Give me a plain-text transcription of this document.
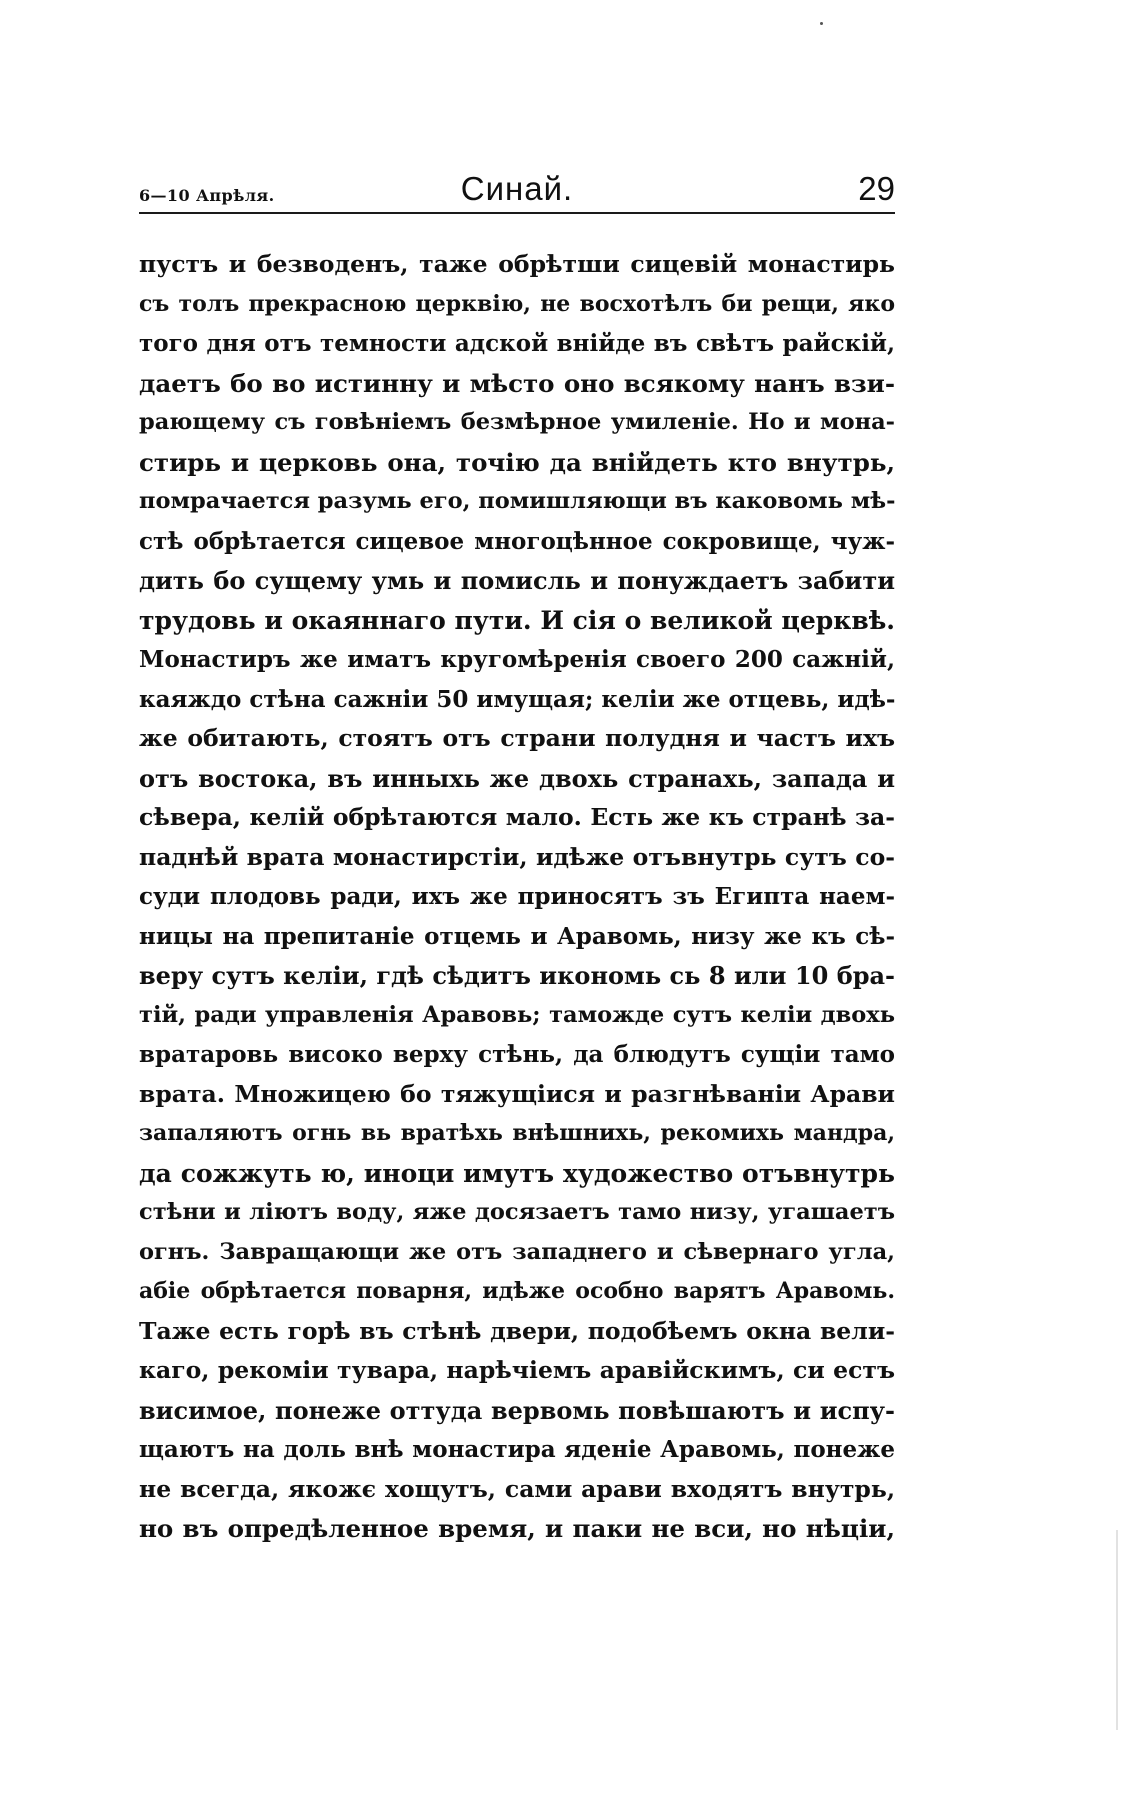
6—10 Апрѣля.	Синай.	29
пустъ и безводенъ, таже обрѣтши сицевій монастирь
съ толъ прекрасною церквію, не восхотѣлъ би рещи, яко
того дня отъ темности адской внійде въ свѣтъ райскій,
даетъ бо во истинну и мѣсто оно всякому нанъ взи-
рающему съ говѣніемъ безмѣрное умиленіе. Но и мона-
стирь и церковь она, точію да внійдеть кто внутрь,
помрачается разумь его, помишляющи въ каковомь мѣ-
стѣ обрѣтается сицевое многоцѣнное сокровище, чуж-
дить бо сущему умь и помисль и понуждаетъ забити
трудовь и окаяннаго пути. И сія о великой церквѣ.
Монастиръ же иматъ кругомѣренія своего 200 сажній,
каяждо стѣна сажніи 50 имущая; келіи же отцевь, идѣ-
же обитають, стоятъ отъ страни полудня и частъ ихъ
отъ востока, въ инныхь же двохь странахь, запада и
сѣвера, келій обрѣтаются мало. Есть же къ странѣ за-
паднѣй врата монастирстіи, идѣже отъвнутрь сутъ со-
суди плодовь ради, ихъ же приносятъ зъ Египта наем-
ницы на препитаніе отцемь и Аравомь, низу же къ сѣ-
веру сутъ келіи, гдѣ сѣдитъ икономь сь 8 или 10 бра-
тій, ради управленія Аравовь; таможде сутъ келіи двохь
вратаровь високо верху стѣнь, да блюдутъ сущіи тамо
врата. Множицею бо тяжущіися и разгнѣваніи Арави
запаляютъ огнь вь вратѣхь внѣшнихь, рекомихь мандра,
да сожжуть ю, иноци имутъ художество отъвнутрь
стѣни и ліютъ воду, яже досязаетъ тамо низу, угашаетъ
огнъ. Завращающи же отъ западнего и сѣвернаго угла,
абіе обрѣтается поварня, идѣже особно варятъ Аравомь.
Таже есть горѣ въ стѣнѣ двери, подобѣемъ окна вели-
каго, рекоміи тувара, нарѣчіемъ аравійскимъ, си естъ
висимое, понеже оттуда вервомь повѣшаютъ и испу-
щаютъ на доль внѣ монастира яденіе Аравомь, понеже
не всегда, якожє хощутъ, сами арави входятъ внутрь,
но въ опредѣленное время, и паки не вси, но нѣціи,
